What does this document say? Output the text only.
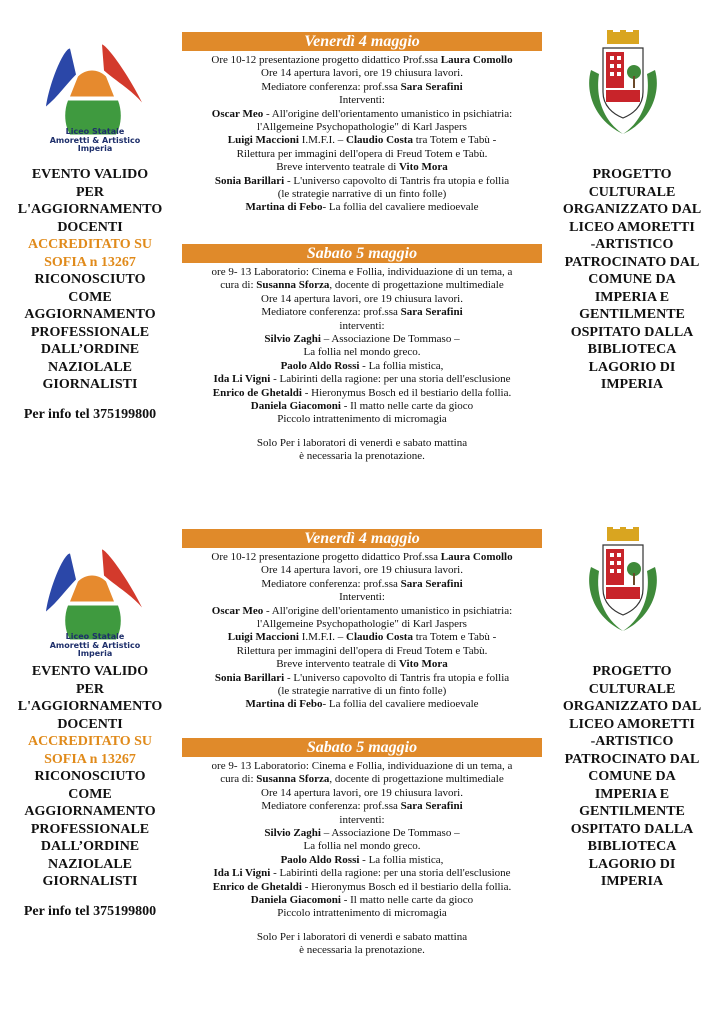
Liceo Statale
Amoretti & Artistico
Imperia
EVENTO VALIDO
PER
L'AGGIORNAMENTO
DOCENTI
ACCREDITATO SU
SOFIA n 13267
RICONOSCIUTO
COME
AGGIORNAMENTO
PROFESSIONALE
DALL’ORDINE
NAZIOLALE
GIORNALISTI
Per info tel 375199800
Venerdì 4 maggio
Ore 10-12 presentazione progetto didattico Prof.ssa Laura Comollo
Ore 14 apertura lavori, ore 19 chiusura lavori.
Mediatore conferenza: prof.ssa Sara Serafini
Interventi:
Oscar Meo - All'origine dell'orientamento umanistico in psichiatria:
l'Allgemeine Psychopathologie" di Karl Jaspers
Luigi Maccioni I.M.F.I. – Claudio Costa tra Totem e Tabù -
Rilettura per immagini dell'opera di Freud Totem e Tabù.
Breve intervento teatrale di Vito Mora
Sonia Barillari - L'universo capovolto di Tantris fra utopia e follia
(le strategie narrative di un finto folle)
Martina di Febo- La follia del cavaliere medioevale
Sabato 5 maggio
ore 9- 13 Laboratorio: Cinema e Follia, individuazione di un tema, a
cura di: Susanna Sforza, docente di progettazione multimediale
Ore 14 apertura lavori, ore 19 chiusura lavori.
Mediatore conferenza: prof.ssa Sara Serafini
interventi:
Silvio Zaghi – Associazione De Tommaso –
La follia nel mondo greco.
Paolo Aldo Rossi - La follia mistica,
Ida Li Vigni - Labirinti della ragione: per una storia dell'esclusione
Enrico de Ghetaldi - Hieronymus Bosch ed il bestiario della follia.
Daniela Giacomoni - Il matto nelle carte da gioco
Piccolo intrattenimento di micromagia
Solo Per i laboratori di venerdì e sabato mattina
è necessaria la prenotazione.
PROGETTO
CULTURALE
ORGANIZZATO DAL
LICEO AMORETTI
-ARTISTICO
PATROCINATO DAL
COMUNE DA
IMPERIA E
GENTILMENTE
OSPITATO DALLA
BIBLIOTECA
LAGORIO DI
IMPERIA
Liceo Statale
Amoretti & Artistico
Imperia
EVENTO VALIDO
PER
L'AGGIORNAMENTO
DOCENTI
ACCREDITATO SU
SOFIA n 13267
RICONOSCIUTO
COME
AGGIORNAMENTO
PROFESSIONALE
DALL’ORDINE
NAZIOLALE
GIORNALISTI
Per info tel 375199800
Venerdì 4 maggio
Ore 10-12 presentazione progetto didattico Prof.ssa Laura Comollo
Ore 14 apertura lavori, ore 19 chiusura lavori.
Mediatore conferenza: prof.ssa Sara Serafini
Interventi:
Oscar Meo - All'origine dell'orientamento umanistico in psichiatria:
l'Allgemeine Psychopathologie" di Karl Jaspers
Luigi Maccioni I.M.F.I. – Claudio Costa tra Totem e Tabù -
Rilettura per immagini dell'opera di Freud Totem e Tabù.
Breve intervento teatrale di Vito Mora
Sonia Barillari - L'universo capovolto di Tantris fra utopia e follia
(le strategie narrative di un finto folle)
Martina di Febo- La follia del cavaliere medioevale
Sabato 5 maggio
ore 9- 13 Laboratorio: Cinema e Follia, individuazione di un tema, a
cura di: Susanna Sforza, docente di progettazione multimediale
Ore 14 apertura lavori, ore 19 chiusura lavori.
Mediatore conferenza: prof.ssa Sara Serafini
interventi:
Silvio Zaghi – Associazione De Tommaso –
La follia nel mondo greco.
Paolo Aldo Rossi - La follia mistica,
Ida Li Vigni - Labirinti della ragione: per una storia dell'esclusione
Enrico de Ghetaldi - Hieronymus Bosch ed il bestiario della follia.
Daniela Giacomoni - Il matto nelle carte da gioco
Piccolo intrattenimento di micromagia
Solo Per i laboratori di venerdì e sabato mattina
è necessaria la prenotazione.
PROGETTO
CULTURALE
ORGANIZZATO DAL
LICEO AMORETTI
-ARTISTICO
PATROCINATO DAL
COMUNE DA
IMPERIA E
GENTILMENTE
OSPITATO DALLA
BIBLIOTECA
LAGORIO DI
IMPERIA
